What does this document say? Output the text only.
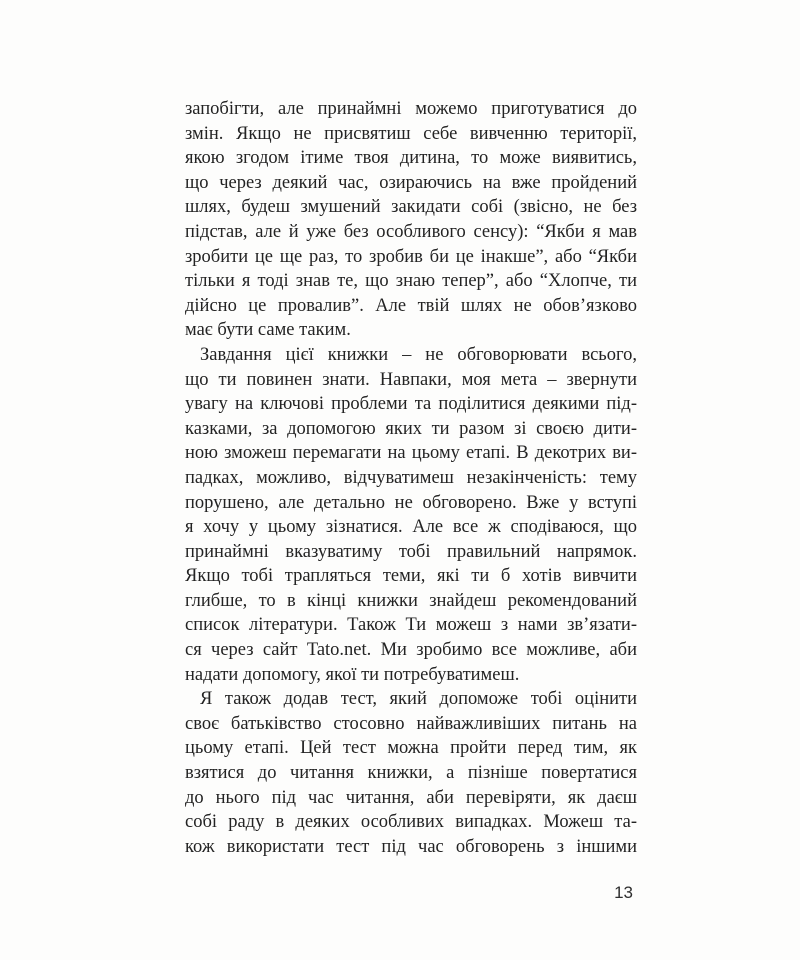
запобігти, але принаймні можемо приготуватися до
змін. Якщо не присвятиш себе вивченню території,
якою згодом ітиме твоя дитина, то може виявитись,
що через деякий час, озираючись на вже пройдений
шлях, будеш змушений закидати собі (звісно, не без
підстав, але й уже без особливого сенсу): “Якби я мав
зробити це ще раз, то зробив би це інакше”, або “Якби
тільки я тоді знав те, що знаю тепер”, або “Хлопче, ти
дійсно це провалив”. Але твій шлях не обов’язково
має бути саме таким.
Завдання цієї книжки – не обговорювати всього,
що ти повинен знати. Навпаки, моя мета – звернути
увагу на ключові проблеми та поділитися деякими під-
казками, за допомогою яких ти разом зі своєю дити-
ною зможеш перемагати на цьому етапі. В декотрих ви-
падках, можливо, відчуватимеш незакінченість: тему
порушено, але детально не обговорено. Вже у вступі
я хочу у цьому зізнатися. Але все ж сподіваюся, що
принаймні вказуватиму тобі правильний напрямок.
Якщо тобі трапляться теми, які ти б хотів вивчити
глибше, то в кінці книжки знайдеш рекомендований
список літератури. Також Ти можеш з нами зв’язати-
ся через сайт Tato.net. Ми зробимо все можливе, аби
надати допомогу, якої ти потребуватимеш.
Я також додав тест, який допоможе тобі оцінити
своє батьківство стосовно найважливіших питань на
цьому етапі. Цей тест можна пройти перед тим, як
взятися до читання книжки, а пізніше повертатися
до нього під час читання, аби перевіряти, як даєш
собі раду в деяких особливих випадках. Можеш та-
кож використати тест під час обговорень з іншими
13
